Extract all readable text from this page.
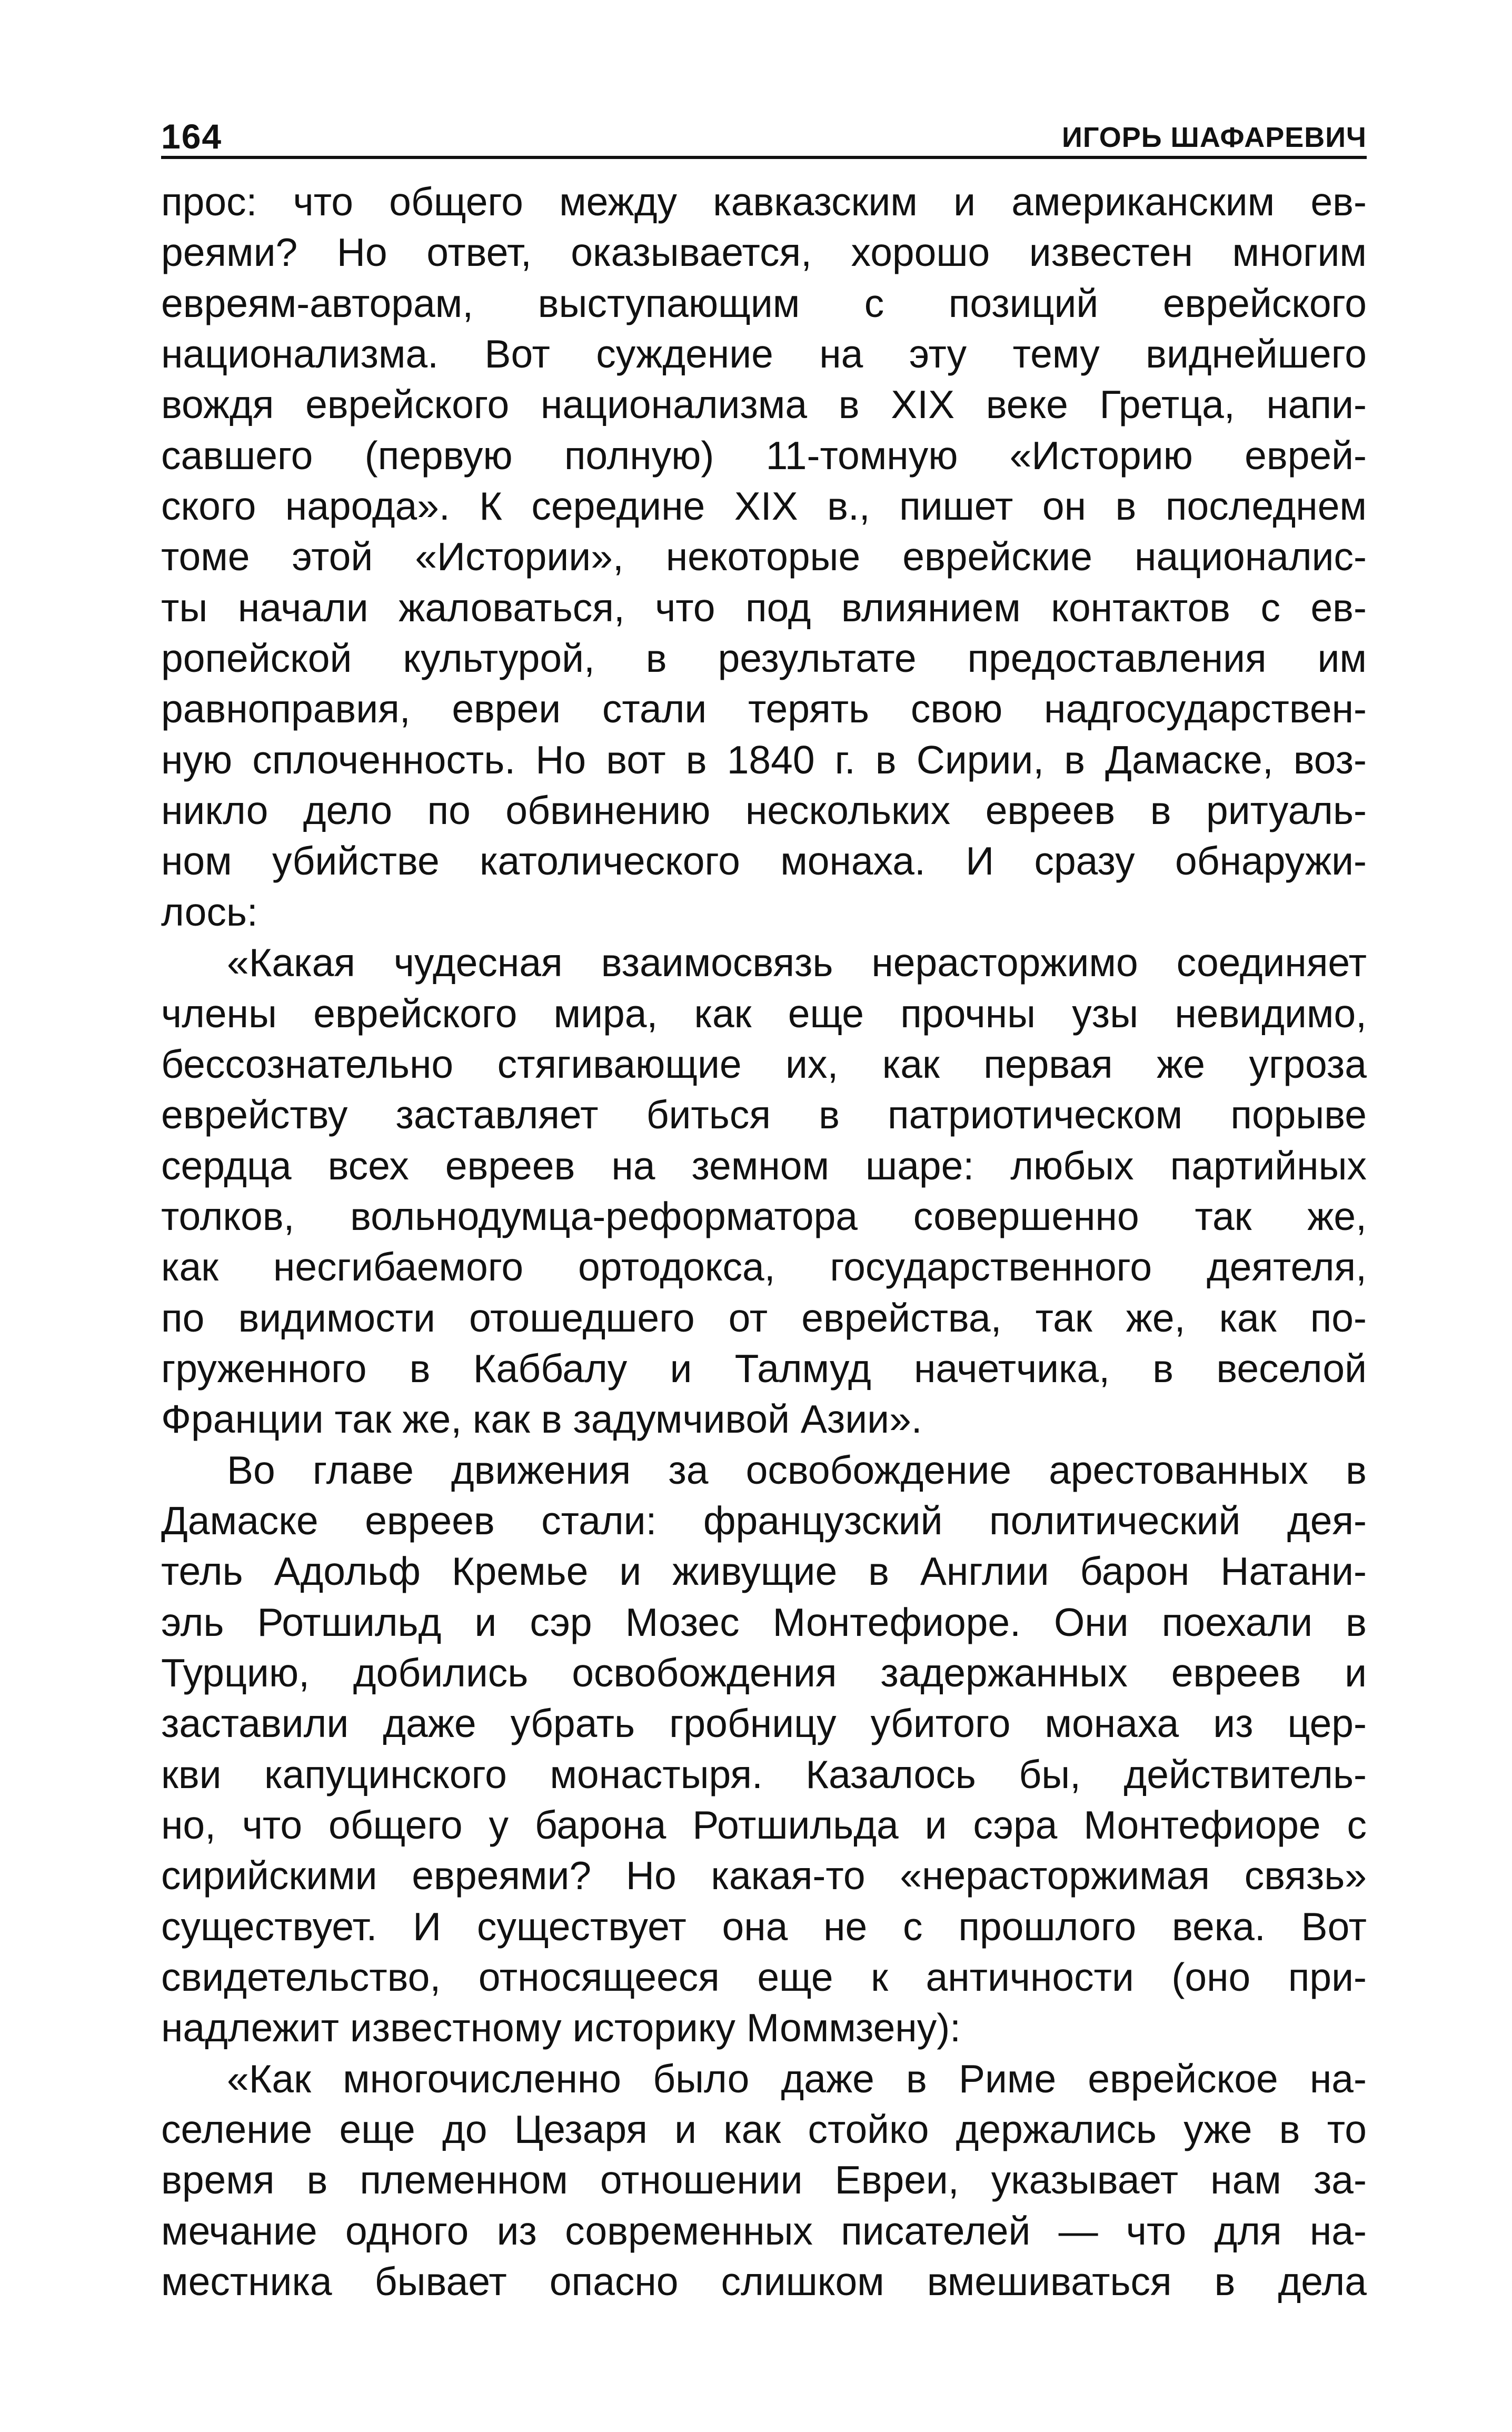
164	ИГОРЬ ШАФАРЕВИЧ
прос: что общего между кавказским и американским ев-
реями? Но ответ, оказывается, хорошо известен многим
евреям-авторам, выступающим с позиций еврейского
национализма. Вот суждение на эту тему виднейшего
вождя еврейского национализма в XIX веке Гретца, напи-
савшего (первую полную) 11-томную «Историю еврей-
ского народа». К середине XIX в., пишет он в последнем
томе этой «Истории», некоторые еврейские националис-
ты начали жаловаться, что под влиянием контактов с ев-
ропейской культурой, в результате предоставления им
равноправия, евреи стали терять свою надгосударствен-
ную сплоченность. Но вот в 1840 г. в Сирии, в Дамаске, воз-
никло дело по обвинению нескольких евреев в ритуаль-
ном убийстве католического монаха. И сразу обнаружи-
лось:
«Какая чудесная взаимосвязь нерасторжимо соединяет
члены еврейского мира, как еще прочны узы невидимо,
бессознательно стягивающие их, как первая же угроза
еврейству заставляет биться в патриотическом порыве
сердца всех евреев на земном шаре: любых партийных
толков, вольнодумца-реформатора совершенно так же,
как несгибаемого ортодокса, государственного деятеля,
по видимости отошедшего от еврейства, так же, как по-
груженного в Каббалу и Талмуд начетчика, в веселой
Франции так же, как в задумчивой Азии».
Во главе движения за освобождение арестованных в
Дамаске евреев стали: французский политический дея-
тель Адольф Кремье и живущие в Англии барон Натани-
эль Ротшильд и сэр Мозес Монтефиоре. Они поехали в
Турцию, добились освобождения задержанных евреев и
заставили даже убрать гробницу убитого монаха из цер-
кви капуцинского монастыря. Казалось бы, действитель-
но, что общего у барона Ротшильда и сэра Монтефиоре с
сирийскими евреями? Но какая-то «нерасторжимая связь»
существует. И существует она не с прошлого века. Вот
свидетельство, относящееся еще к античности (оно при-
надлежит известному историку Моммзену):
«Как многочисленно было даже в Риме еврейское на-
селение еще до Цезаря и как стойко держались уже в то
время в племенном отношении Евреи, указывает нам за-
мечание одного из современных писателей — что для на-
местника бывает опасно слишком вмешиваться в дела
